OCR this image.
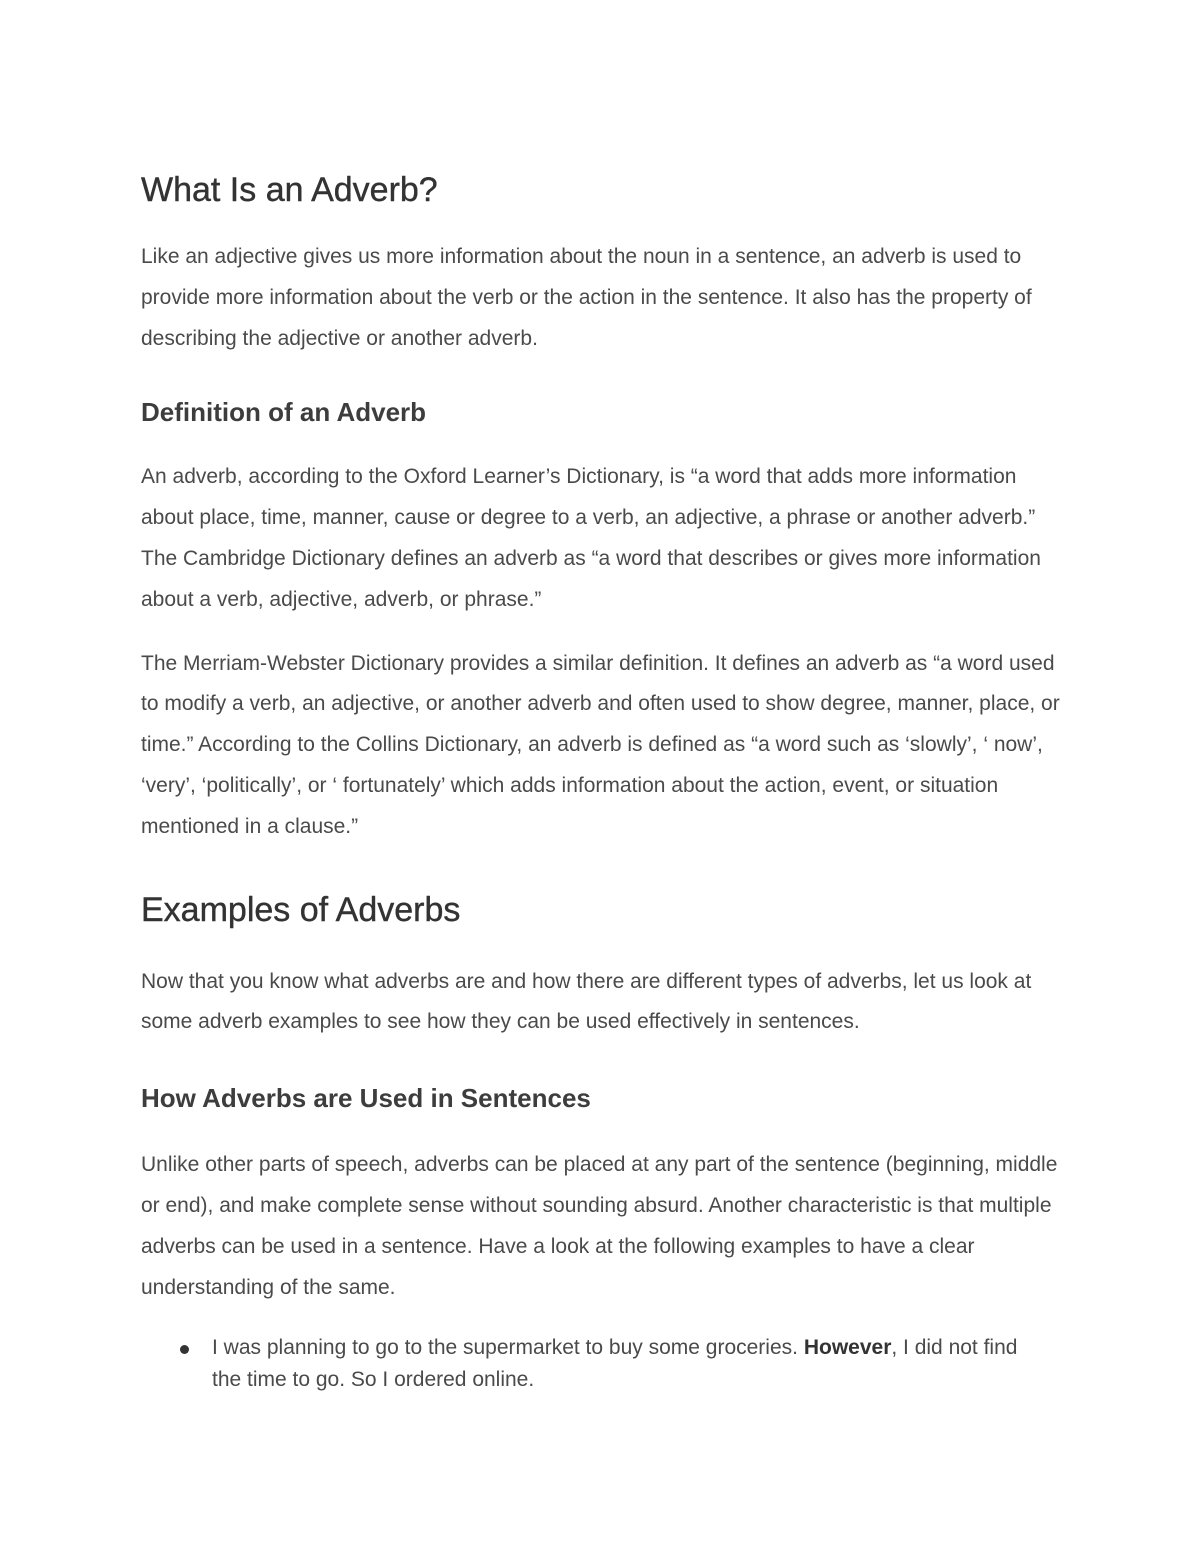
What Is an Adverb?

Like an adjective gives us more information about the noun in a sentence, an adverb is used to provide more information about the verb or the action in the sentence. It also has the property of describing the adjective or another adverb.

Definition of an Adverb

An adverb, according to the Oxford Learner’s Dictionary, is “a word that adds more information about place, time, manner, cause or degree to a verb, an adjective, a phrase or another adverb.” The Cambridge Dictionary defines an adverb as “a word that describes or gives more information about a verb, adjective, adverb, or phrase.”

The Merriam-Webster Dictionary provides a similar definition. It defines an adverb as “a word used to modify a verb, an adjective, or another adverb and often used to show degree, manner, place, or time.” According to the Collins Dictionary, an adverb is defined as “a word such as ‘slowly’, ‘ now’, ‘very’, ‘politically’, or ‘ fortunately’ which adds information about the action, event, or situation mentioned in a clause.”

Examples of Adverbs

Now that you know what adverbs are and how there are different types of adverbs, let us look at some adverb examples to see how they can be used effectively in sentences.

How Adverbs are Used in Sentences

Unlike other parts of speech, adverbs can be placed at any part of the sentence (beginning, middle or end), and make complete sense without sounding absurd. Another characteristic is that multiple adverbs can be used in a sentence. Have a look at the following examples to have a clear understanding of the same.

I was planning to go to the supermarket to buy some groceries. However, I did not find the time to go. So I ordered online.
